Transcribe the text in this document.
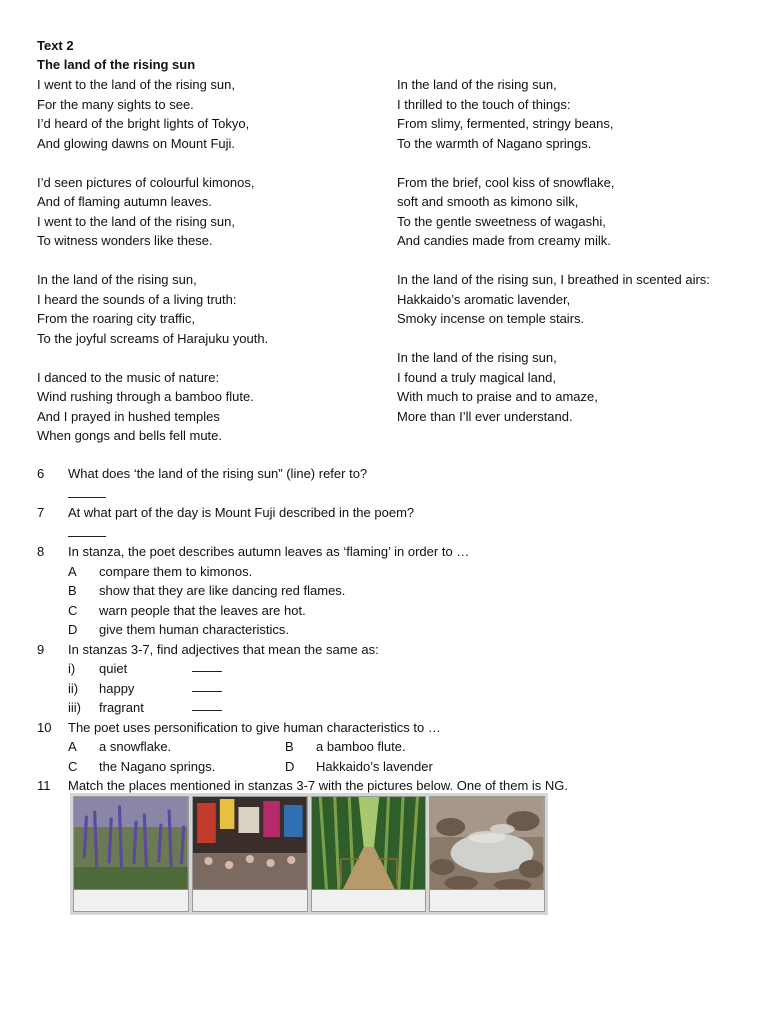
Text 2
The land of the rising sun
I went to the land of the rising sun,
For the many sights to see.
I’d heard of the bright lights of Tokyo,
And glowing dawns on Mount Fuji.
I’d seen pictures of colourful kimonos,
And of flaming autumn leaves.
I went to the land of the rising sun,
To witness wonders like these.
In the land of the rising sun,
I heard the sounds of a living truth:
From the roaring city traffic,
To the joyful screams of Harajuku youth.
I danced to the music of nature:
Wind rushing through a bamboo flute.
And I prayed in hushed temples
When gongs and bells fell mute.
In the land of the rising sun,
I thrilled to the touch of things:
From slimy, fermented, stringy beans,
To the warmth of Nagano springs.
From the brief, cool kiss of snowflake,
soft and smooth as kimono silk,
To the gentle sweetness of wagashi,
And candies made from creamy milk.
In the land of the rising sun, I breathed in scented airs:
Hakkaido’s aromatic lavender,
Smoky incense on temple stairs.
In the land of the rising sun,
I found a truly magical land,
With much to praise and to amaze,
More than I’ll ever understand.
6 What does ‘the land of the rising sun” (line) refer to?
7 At what part of the day is Mount Fuji described in the poem?
8 In stanza, the poet describes autumn leaves as ‘flaming’ in order to …
A compare them to kimonos.
B show that they are like dancing red flames.
C warn people that the leaves are hot.
D give them human characteristics.
9 In stanzas 3-7, find adjectives that mean the same as:
i)	quiet
ii)	happy
iii)	fragrant
10 The poet uses personification to give human characteristics to …
A a snowflake.	B a bamboo flute.
C the Nagano springs.	D Hakkaido’s lavender
11 Match the places mentioned in stanzas 3-7 with the pictures below. One of them is NG.
